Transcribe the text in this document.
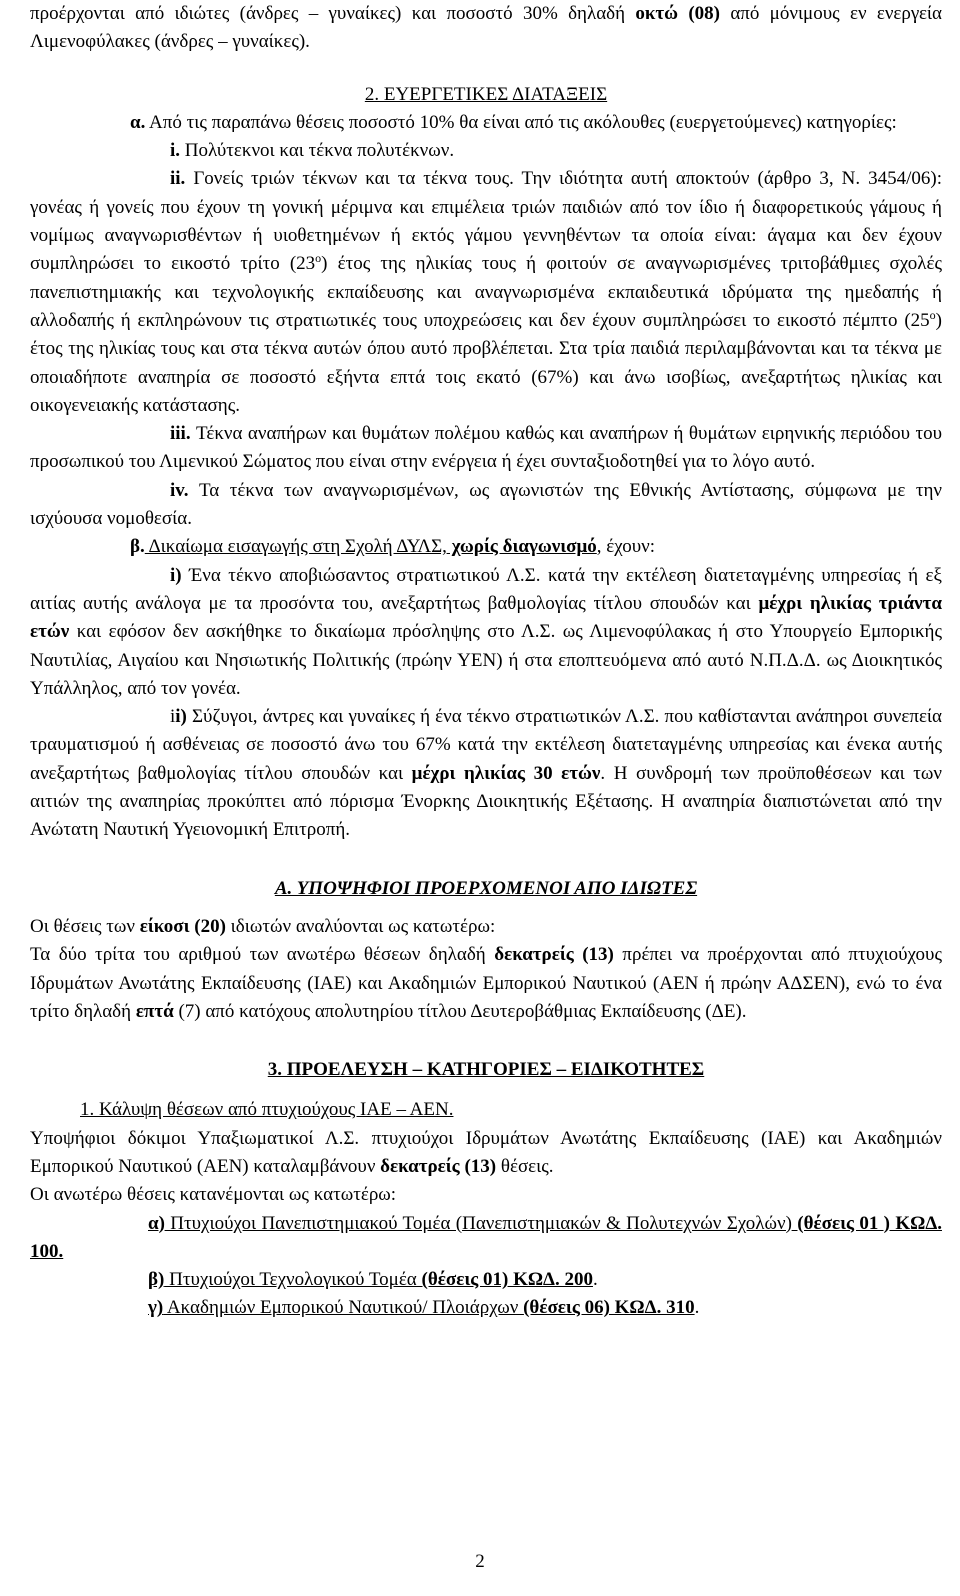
προέρχονται από ιδιώτες (άνδρες – γυναίκες) και ποσοστό 30% δηλαδή οκτώ (08) από μόνιμους εν ενεργεία Λιμενοφύλακες (άνδρες – γυναίκες).

2. ΕΥΕΡΓΕΤΙΚΕΣ ΔΙΑΤΑΞΕΙΣ

α. Από τις παραπάνω θέσεις ποσοστό 10% θα είναι από τις ακόλουθες (ευεργετούμενες) κατηγορίες:

i. Πολύτεκνοι και τέκνα πολυτέκνων.

ii. Γονείς τριών τέκνων και τα τέκνα τους. Την ιδιότητα αυτή αποκτούν (άρθρο 3, Ν. 3454/06): γονέας ή γονείς που έχουν τη γονική μέριμνα και επιμέλεια τριών παιδιών από τον ίδιο ή διαφορετικούς γάμους ή νομίμως αναγνωρισθέντων ή υιοθετημένων ή εκτός γάμου γεννηθέντων τα οποία είναι: άγαμα και δεν έχουν συμπληρώσει το εικοστό τρίτο $(23^o)$ έτος της ηλικίας τους ή φοιτούν σε αναγνωρισμένες τριτοβάθμιες σχολές πανεπιστημιακής και τεχνολογικής εκπαίδευσης και αναγνωρισμένα εκπαιδευτικά ιδρύματα της ημεδαπής ή αλλοδαπής ή εκπληρώνουν τις στρατιωτικές τους υποχρεώσεις και δεν έχουν συμπληρώσει το εικοστό πέμπτο $(25^o)$ έτος της ηλικίας τους και στα τέκνα αυτών όπου αυτό προβλέπεται. Στα τρία παιδιά περιλαμβάνονται και τα τέκνα με οποιαδήποτε αναπηρία σε ποσοστό εξήντα επτά τοις εκατό (67%) και άνω ισοβίως, ανεξαρτήτως ηλικίας και οικογενειακής κατάστασης.

iii. Τέκνα αναπήρων και θυμάτων πολέμου καθώς και αναπήρων ή θυμάτων ειρηνικής περιόδου του προσωπικού του Λιμενικού Σώματος που είναι στην ενέργεια ή έχει συνταξιοδοτηθεί για το λόγο αυτό.

iv. Τα τέκνα των αναγνωρισμένων, ως αγωνιστών της Εθνικής Αντίστασης, σύμφωνα με την ισχύουσα νομοθεσία.

β. Δικαίωμα εισαγωγής στη Σχολή ΔΥΛΣ, χωρίς διαγωνισμό, έχουν:

i) Ένα τέκνο αποβιώσαντος στρατιωτικού Λ.Σ. κατά την εκτέλεση διατεταγμένης υπηρεσίας ή εξ αιτίας αυτής ανάλογα με τα προσόντα του, ανεξαρτήτως βαθμολογίας τίτλου σπουδών και μέχρι ηλικίας τριάντα ετών και εφόσον δεν ασκήθηκε το δικαίωμα πρόσληψης στο Λ.Σ. ως Λιμενοφύλακας ή στο Υπουργείο Εμπορικής Ναυτιλίας, Αιγαίου και Νησιωτικής Πολιτικής (πρώην ΥΕΝ) ή στα εποπτευόμενα από αυτό Ν.Π.Δ.Δ. ως Διοικητικός Υπάλληλος, από τον γονέα.

ii) Σύζυγοι, άντρες και γυναίκες ή ένα τέκνο στρατιωτικών Λ.Σ. που καθίστανται ανάπηροι συνεπεία τραυματισμού ή ασθένειας σε ποσοστό άνω του 67% κατά την εκτέλεση διατεταγμένης υπηρεσίας και ένεκα αυτής ανεξαρτήτως βαθμολογίας τίτλου σπουδών και μέχρι ηλικίας 30 ετών. Η συνδρομή των προϋποθέσεων και των αιτιών της αναπηρίας προκύπτει από πόρισμα Ένορκης Διοικητικής Εξέτασης. Η αναπηρία διαπιστώνεται από την Ανώτατη Ναυτική Υγειονομική Επιτροπή.

Α. ΥΠΟΨΗΦΙΟΙ ΠΡΟΕΡΧΟΜΕΝΟΙ ΑΠΟ ΙΔΙΩΤΕΣ

Οι θέσεις των είκοσι (20) ιδιωτών αναλύονται ως κατωτέρω:

Τα δύο τρίτα του αριθμού των ανωτέρω θέσεων δηλαδή δεκατρείς (13) πρέπει να προέρχονται από πτυχιούχους Ιδρυμάτων Ανωτάτης Εκπαίδευσης (ΙΑΕ) και Ακαδημιών Εμπορικού Ναυτικού (ΑΕΝ ή πρώην ΑΔΣΕΝ), ενώ το ένα τρίτο δηλαδή επτά (7) από κατόχους απολυτηρίου τίτλου Δευτεροβάθμιας Εκπαίδευσης (ΔΕ).

3. ΠΡΟΕΛΕΥΣΗ – ΚΑΤΗΓΟΡΙΕΣ – ΕΙΔΙΚΟΤΗΤΕΣ

1. Κάλυψη θέσεων από πτυχιούχους ΙΑΕ – ΑΕΝ.

Υποψήφιοι δόκιμοι Υπαξιωματικοί Λ.Σ. πτυχιούχοι Ιδρυμάτων Ανωτάτης Εκπαίδευσης (ΙΑΕ) και Ακαδημιών Εμπορικού Ναυτικού (ΑΕΝ) καταλαμβάνουν δεκατρείς (13) θέσεις.

Οι ανωτέρω θέσεις κατανέμονται ως κατωτέρω:

α) Πτυχιούχοι Πανεπιστημιακού Τομέα (Πανεπιστημιακών & Πολυτεχνών Σχολών) (θέσεις 01 ) ΚΩΔ. 100.

β) Πτυχιούχοι Τεχνολογικού Τομέα (θέσεις 01) ΚΩΔ. 200.

γ) Ακαδημιών Εμπορικού Ναυτικού/ Πλοιάρχων (θέσεις 06) ΚΩΔ. 310.

2
